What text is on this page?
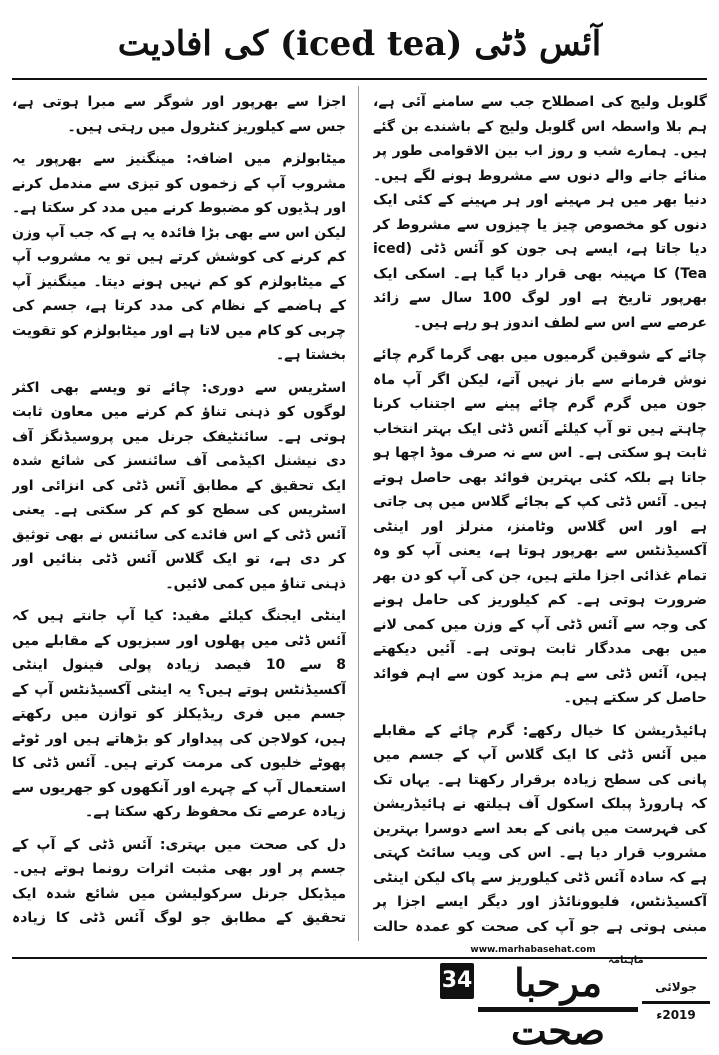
آئس ڈٹی (iced tea) کی افادیت

گلوبل ولیج کی اصطلاح جب سے سامنے آئی ہے، ہم بلا واسطہ اس گلوبل ولیج کے باشندے بن گئے ہیں۔ ہمارے شب و روز اب بین الاقوامی طور پر منائے جانے والے دنوں سے مشروط ہونے لگے ہیں۔ دنیا بھر میں ہر مہینے اور ہر مہینے کے کئی ایک دنوں کو مخصوص چیز یا چیزوں سے مشروط کر دیا جاتا ہے، ایسے ہی جون کو آئس ڈٹی (iced Tea) کا مہینہ بھی قرار دیا گیا ہے۔ اسکی ایک بھرپور تاریخ ہے اور لوگ 100 سال سے زائد عرصے سے اس سے لطف اندوز ہو رہے ہیں۔

چائے کے شوقین گرمیوں میں بھی گرما گرم چائے نوش فرمانے سے باز نہیں آتے، لیکن اگر آپ ماہ جون میں گرم گرم چائے پینے سے اجتناب کرنا چاہتے ہیں تو آپ کیلئے آئس ڈٹی ایک بہتر انتخاب ثابت ہو سکتی ہے۔ اس سے نہ صرف موڈ اچھا ہو جاتا ہے بلکہ کئی بہترین فوائد بھی حاصل ہوتے ہیں۔ آئس ڈٹی کپ کے بجائے گلاس میں پی جاتی ہے اور اس گلاس وٹامنز، منرلز اور اینٹی آکسیڈنٹس سے بھرپور ہوتا ہے، یعنی آپ کو وہ تمام غذائی اجزا ملتے ہیں، جن کی آپ کو دن بھر ضرورت ہوتی ہے۔ کم کیلوریز کی حامل ہونے کی وجہ سے آئس ڈٹی آپ کے وزن میں کمی لانے میں بھی مددگار ثابت ہوتی ہے۔ آئیں دیکھتے ہیں، آئس ڈٹی سے ہم مزید کون سے اہم فوائد حاصل کر سکتے ہیں۔

ہائیڈریشن کا خیال رکھے: گرم چائے کے مقابلے میں آئس ڈٹی کا ایک گلاس آپ کے جسم میں پانی کی سطح زیادہ برقرار رکھتا ہے۔ یہاں تک کہ ہارورڈ پبلک اسکول آف ہیلتھ نے ہائیڈریشن کی فہرست میں پانی کے بعد اسے دوسرا بہترین مشروب قرار دیا ہے۔ اس کی ویب سائٹ کہتی ہے کہ سادہ آئس ڈٹی کیلوریز سے پاک لیکن اینٹی آکسیڈنٹس، فلیوونائڈز اور دیگر ایسے اجزا پر مبنی ہوتی ہے جو آپ کی صحت کو عمدہ حالت

اجزا سے بھرپور اور شوگر سے مبرا ہوتی ہے، جس سے کیلوریز کنٹرول میں رہتی ہیں۔

میٹابولزم میں اضافہ: مینگنیز سے بھرپور یہ مشروب آپ کے زخموں کو تیزی سے مندمل کرنے اور ہڈیوں کو مضبوط کرنے میں مدد کر سکتا ہے۔ لیکن اس سے بھی بڑا فائدہ یہ ہے کہ جب آپ وزن کم کرنے کی کوشش کرتے ہیں تو یہ مشروب آپ کے میٹابولزم کو کم نہیں ہونے دیتا۔ مینگنیز آپ کے ہاضمے کے نظام کی مدد کرتا ہے، جسم کی چربی کو کام میں لاتا ہے اور میٹابولزم کو تقویت بخشتا ہے۔

اسٹریس سے دوری: چائے تو ویسے بھی اکثر لوگوں کو ذہنی تناؤ کم کرنے میں معاون ثابت ہوتی ہے۔ سائنٹیفک جرنل میں پروسیڈنگز آف دی نیشنل اکیڈمی آف سائنسز کی شائع شدہ ایک تحقیق کے مطابق آئس ڈٹی کی انزائی اور اسٹریس کی سطح کو کم کر سکتی ہے۔ یعنی آئس ڈٹی کے اس فائدے کی سائنس نے بھی توثیق کر دی ہے، تو ایک گلاس آئس ڈٹی بنائیں اور ذہنی تناؤ میں کمی لائیں۔

اینٹی ایجنگ کیلئے مفید: کیا آپ جانتے ہیں کہ آئس ڈٹی میں پھلوں اور سبزیوں کے مقابلے میں 8 سے 10 فیصد زیادہ پولی فینول اینٹی آکسیڈنٹس ہوتے ہیں؟ یہ اینٹی آکسیڈنٹس آپ کے جسم میں فری ریڈیکلز کو توازن میں رکھتے ہیں، کولاجن کی پیداوار کو بڑھاتے ہیں اور ٹوٹے پھوٹے خلیوں کی مرمت کرتے ہیں۔ آئس ڈٹی کا استعمال آپ کے چہرے اور آنکھوں کو جھریوں سے زیادہ عرصے تک محفوظ رکھ سکتا ہے۔

دل کی صحت میں بہتری: آئس ڈٹی کے آپ کے جسم پر اور بھی مثبت اثرات رونما ہوتے ہیں۔ میڈیکل جرنل سرکولیشن میں شائع شدہ ایک تحقیق کے مطابق جو لوگ آئس ڈٹی کا زیادہ

www.marhabasehat.com
34	مرحبا صحت
ماہنامہ
جولائی 2019ء
